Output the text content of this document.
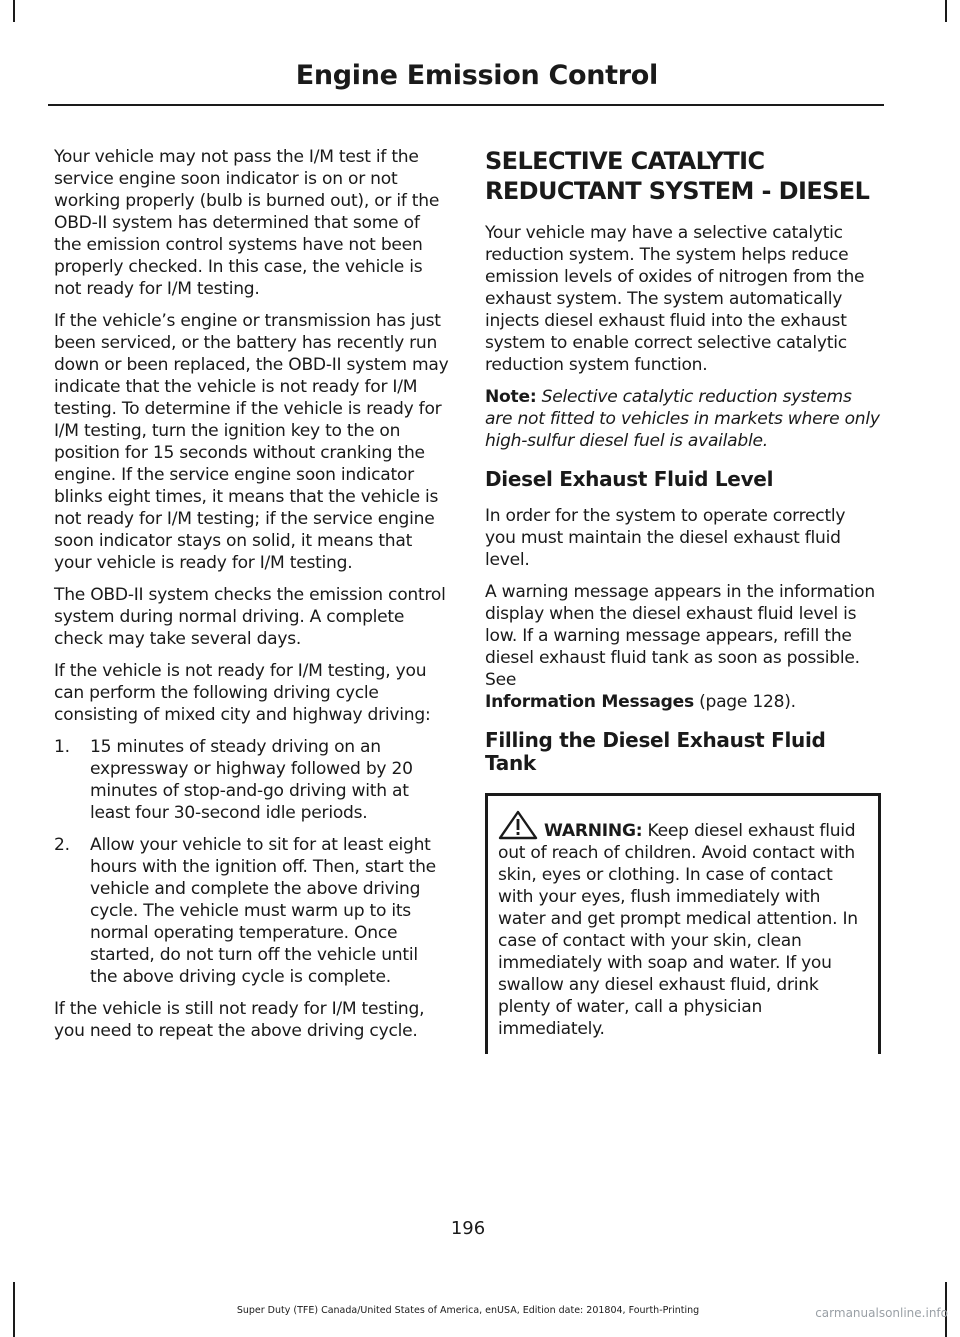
Engine Emission Control

Your vehicle may not pass the I/M test if the service engine soon indicator is on or not working properly (bulb is burned out), or if the OBD-II system has determined that some of the emission control systems have not been properly checked. In this case, the vehicle is not ready for I/M testing.

If the vehicle’s engine or transmission has just been serviced, or the battery has recently run down or been replaced, the OBD-II system may indicate that the vehicle is not ready for I/M testing. To determine if the vehicle is ready for I/M testing, turn the ignition key to the on position for 15 seconds without cranking the engine. If the service engine soon indicator blinks eight times, it means that the vehicle is not ready for I/M testing; if the service engine soon indicator stays on solid, it means that your vehicle is ready for I/M testing.

The OBD-II system checks the emission control system during normal driving. A complete check may take several days.

If the vehicle is not ready for I/M testing, you can perform the following driving cycle consisting of mixed city and highway driving:

1. 15 minutes of steady driving on an expressway or highway followed by 20 minutes of stop-and-go driving with at least four 30-second idle periods.
2. Allow your vehicle to sit for at least eight hours with the ignition off. Then, start the vehicle and complete the above driving cycle. The vehicle must warm up to its normal operating temperature. Once started, do not turn off the vehicle until the above driving cycle is complete.

If the vehicle is still not ready for I/M testing, you need to repeat the above driving cycle.

SELECTIVE CATALYTIC
REDUCTANT SYSTEM - DIESEL

Your vehicle may have a selective catalytic reduction system. The system helps reduce emission levels of oxides of nitrogen from the exhaust system. The system automatically injects diesel exhaust fluid into the exhaust system to enable correct selective catalytic reduction system function.

Note: Selective catalytic reduction systems are not fitted to vehicles in markets where only high-sulfur diesel fuel is available.

Diesel Exhaust Fluid Level

In order for the system to operate correctly you must maintain the diesel exhaust fluid level.

A warning message appears in the information display when the diesel exhaust fluid level is low. If a warning message appears, refill the diesel exhaust fluid tank as soon as possible. See
Information Messages (page 128).

Filling the Diesel Exhaust Fluid Tank
WARNING: Keep diesel exhaust fluid out of reach of children. Avoid contact with skin, eyes or clothing. In case of contact with your eyes, flush immediately with water and get prompt medical attention. In case of contact with your skin, clean immediately with soap and water. If you swallow any diesel exhaust fluid, drink plenty of water, call a physician immediately.
196
Super Duty (TFE) Canada/United States of America, enUSA, Edition date: 201804, Fourth-Printing	carmanualsonline.info
